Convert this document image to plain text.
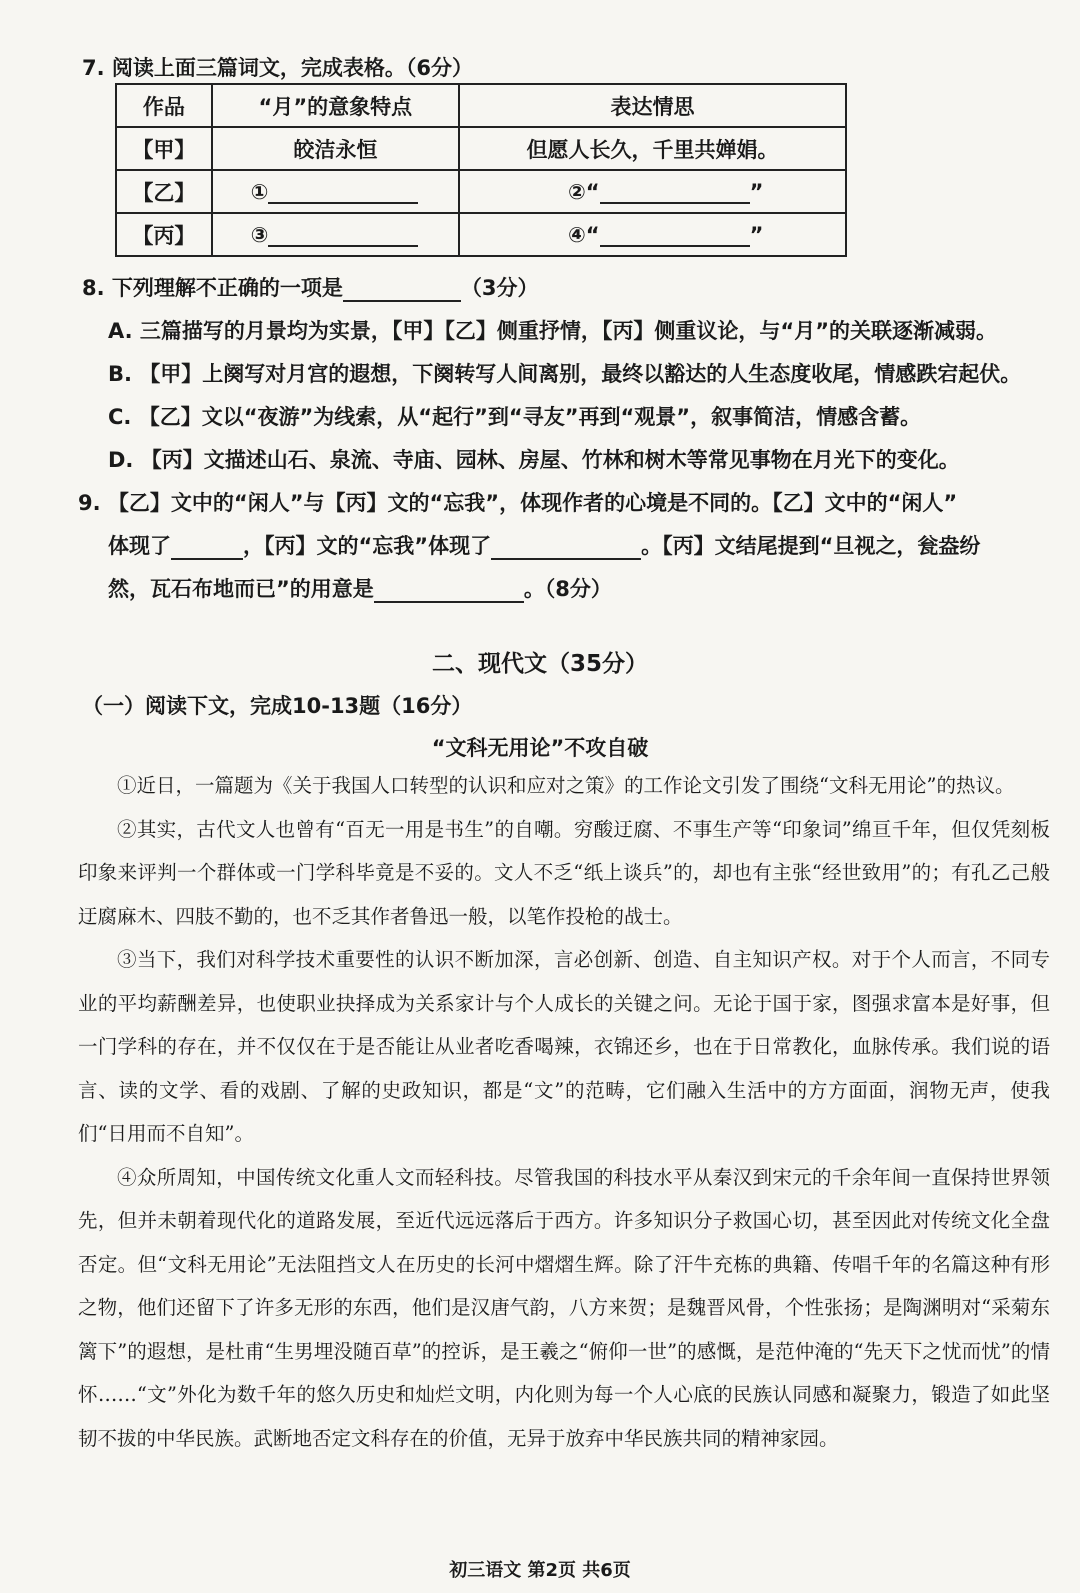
7. 阅读上面三篇词文，完成表格。（6分）
作品	“月”的意象特点	表达情思
【甲】	皎洁永恒	但愿人长久，千里共婵娟。
【乙】	①	②“ ”
【丙】	③	④“ ”
8. 下列理解不正确的一项是	（3分）
A. 三篇描写的月景均为实景，【甲】【乙】侧重抒情，【丙】侧重议论，与“月”的关联逐渐减弱。
B. 【甲】上阕写对月宫的遐想，下阕转写人间离别，最终以豁达的人生态度收尾，情感跌宕起伏。
C. 【乙】文以“夜游”为线索，从“起行”到“寻友”再到“观景”，叙事简洁，情感含蓄。
D. 【丙】文描述山石、泉流、寺庙、园林、房屋、竹林和树木等常见事物在月光下的变化。
9. 【乙】文中的“闲人”与【丙】文的“忘我”，体现作者的心境是不同的。【乙】文中的“闲人”
体现了	，【丙】文的“忘我”体现了	。【丙】文结尾提到“旦视之，瓮盎纷
然，瓦石布地而已”的用意是	。（8分）
二、现代文（35分）
（一）阅读下文，完成10-13题（16分）
“文科无用论”不攻自破

①近日，一篇题为《关于我国人口转型的认识和应对之策》的工作论文引发了围绕“文科无用论”的热议。

②其实，古代文人也曾有“百无一用是书生”的自嘲。穷酸迂腐、不事生产等“印象词”绵亘千年，但仅凭刻板印象来评判一个群体或一门学科毕竟是不妥的。文人不乏“纸上谈兵”的，却也有主张“经世致用”的；有孔乙己般迂腐麻木、四肢不勤的，也不乏其作者鲁迅一般，以笔作投枪的战士。

③当下，我们对科学技术重要性的认识不断加深，言必创新、创造、自主知识产权。对于个人而言，不同专业的平均薪酬差异，也使职业抉择成为关系家计与个人成长的关键之问。无论于国于家，图强求富本是好事，但一门学科的存在，并不仅仅在于是否能让从业者吃香喝辣，衣锦还乡，也在于日常教化，血脉传承。我们说的语言、读的文学、看的戏剧、了解的史政知识，都是“文”的范畴，它们融入生活中的方方面面，润物无声，使我们“日用而不自知”。

④众所周知，中国传统文化重人文而轻科技。尽管我国的科技水平从秦汉到宋元的千余年间一直保持世界领先，但并未朝着现代化的道路发展，至近代远远落后于西方。许多知识分子救国心切，甚至因此对传统文化全盘否定。但“文科无用论”无法阻挡文人在历史的长河中熠熠生辉。除了汗牛充栋的典籍、传唱千年的名篇这种有形之物，他们还留下了许多无形的东西，他们是汉唐气韵，八方来贺；是魏晋风骨，个性张扬；是陶渊明对“采菊东篱下”的遐想，是杜甫“生男埋没随百草”的控诉，是王羲之“俯仰一世”的感慨，是范仲淹的“先天下之忧而忧”的情怀……“文”外化为数千年的悠久历史和灿烂文明，内化则为每一个人心底的民族认同感和凝聚力，锻造了如此坚韧不拔的中华民族。武断地否定文科存在的价值，无异于放弃中华民族共同的精神家园。

初三语文 第2页 共6页
